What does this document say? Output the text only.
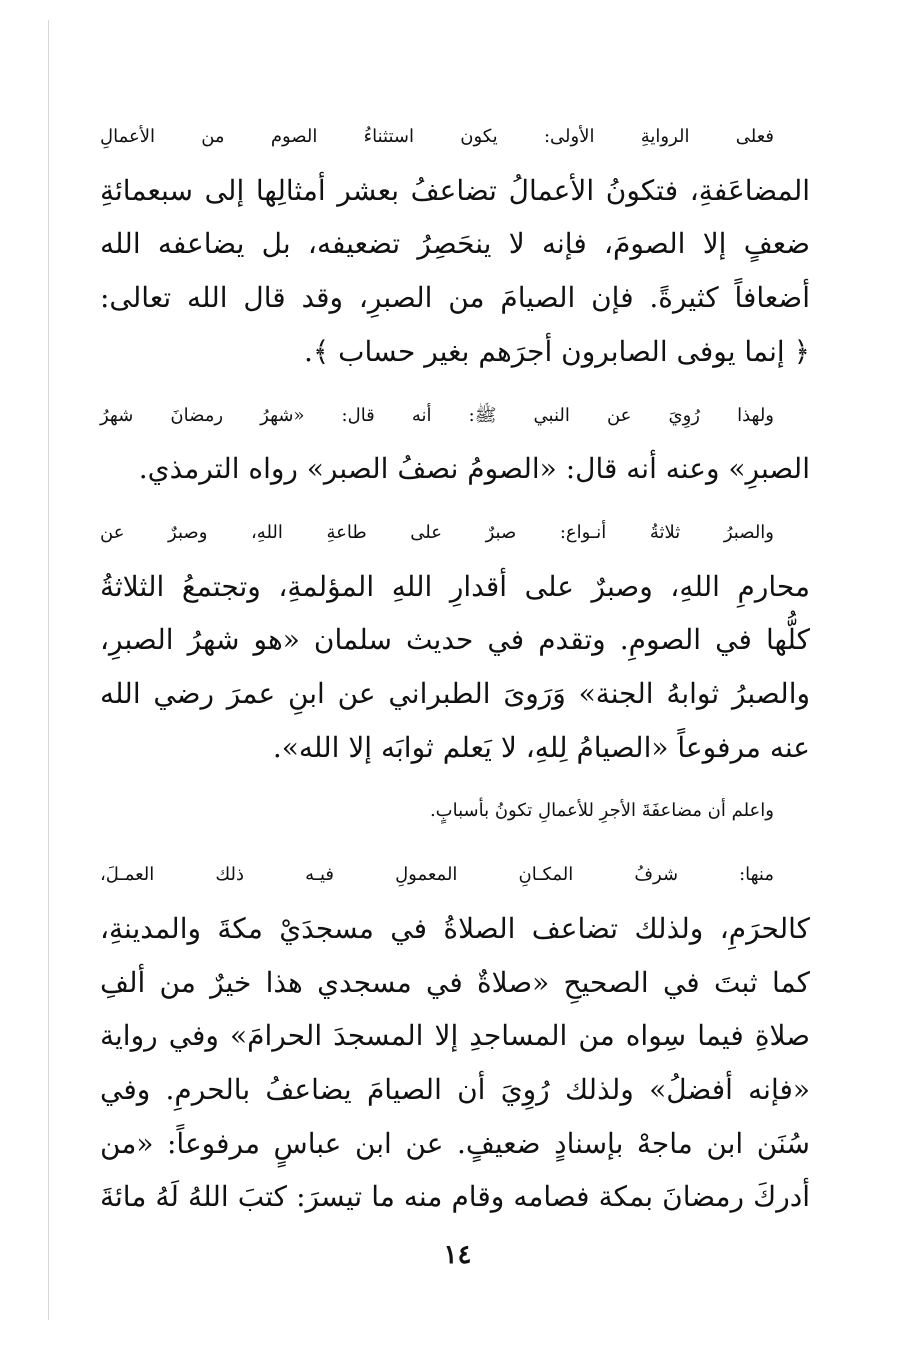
فعلى الروايةِ الأولى: يكون استثناءُ الصوم من الأعمالِ
المضاعَفةِ، فتكونُ الأعمالُ تضاعفُ بعشر أمثالِها إلى سبعمائةِ
ضعفٍ إلا الصومَ، فإنه لا ينحَصِرُ تضعيفه، بل يضاعفه الله
أضعافاً كثيرةً. فإن الصيامَ من الصبرِ، وقد قال الله تعالى:
﴿ إنما يوفى الصابرون أجرَهم بغير حساب ﴾.

ولهذا رُوِيَ عن النبي ﷺ: أنه قال: «شهرُ رمضانَ شهرُ
الصبرِ» وعنه أنه قال: «الصومُ نصفُ الصبر» رواه الترمذي.

والصبرُ ثلاثةُ أنـواع: صبرٌ على طاعةِ اللهِ، وصبرٌ عن
محارمِ اللهِ، وصبرٌ على أقدارِ اللهِ المؤلمةِ، وتجتمعُ الثلاثةُ
كلُّها في الصومِ. وتقدم في حديث سلمان «هو شهرُ الصبرِ،
والصبرُ ثوابهُ الجنة» وَرَوىَ الطبراني عن ابنِ عمرَ رضي الله
عنه مرفوعاً «الصيامُ لِلهِ، لا يَعلم ثوابَه إلا الله».

واعلم أن مضاعفَةَ الأجرِ للأعمالِ تكونُ بأسبابٍ.

منها: شرفُ المكـانِ المعمولِ فيـه ذلك العمـلَ،
كالحرَمِ، ولذلك تضاعف الصلاةُ في مسجدَيْ مكةَ والمدينةِ،
كما ثبتَ في الصحيحِ «صلاةٌ في مسجدي هذا خيرٌ من ألفِ
صلاةِ فيما سِواه من المساجدِ إلا المسجدَ الحرامَ» وفي رواية
«فإنه أفضلُ» ولذلك رُوِيَ أن الصيامَ يضاعفُ بالحرمِ. وفي
سُنَن ابن ماجهْ بإسنادٍ ضعيفٍ. عن ابن عباسٍ مرفوعاً: «من
أدركَ رمضانَ بمكة فصامه وقام منه ما تيسرَ: كتبَ اللهُ لَهُ مائةَ

١٤
